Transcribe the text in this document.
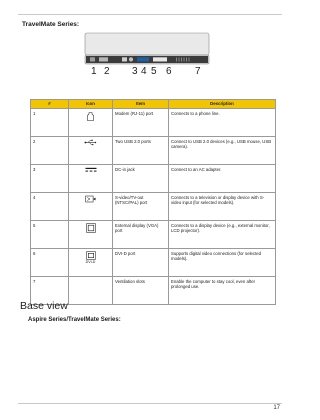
TravelMate Series:
1 2 3 4 5 6 7
#	Icon	Item	Description
1		Modem (RJ-11) port	Connects to a phone line.
2		Two USB 2.0 ports	Connect to USB 2.0 devices (e.g., USB mouse, USB camera).
3		DC-in jack	Connect to an AC adapter.
4		S-video/TV-out (NTSC/PAL) port	Connects to a television or display device with S-video input (for selected models).
5		External display (VGA) port	Connects to a display device (e.g., external monitor, LCD projector).
6	DVI-D	DVI-D port	Supports digital video connections (for selected models).
7		Ventilation slots	Enable the computer to stay cool, even after prolonged use.
Base view
Aspire Series/TravelMate Series:
17
